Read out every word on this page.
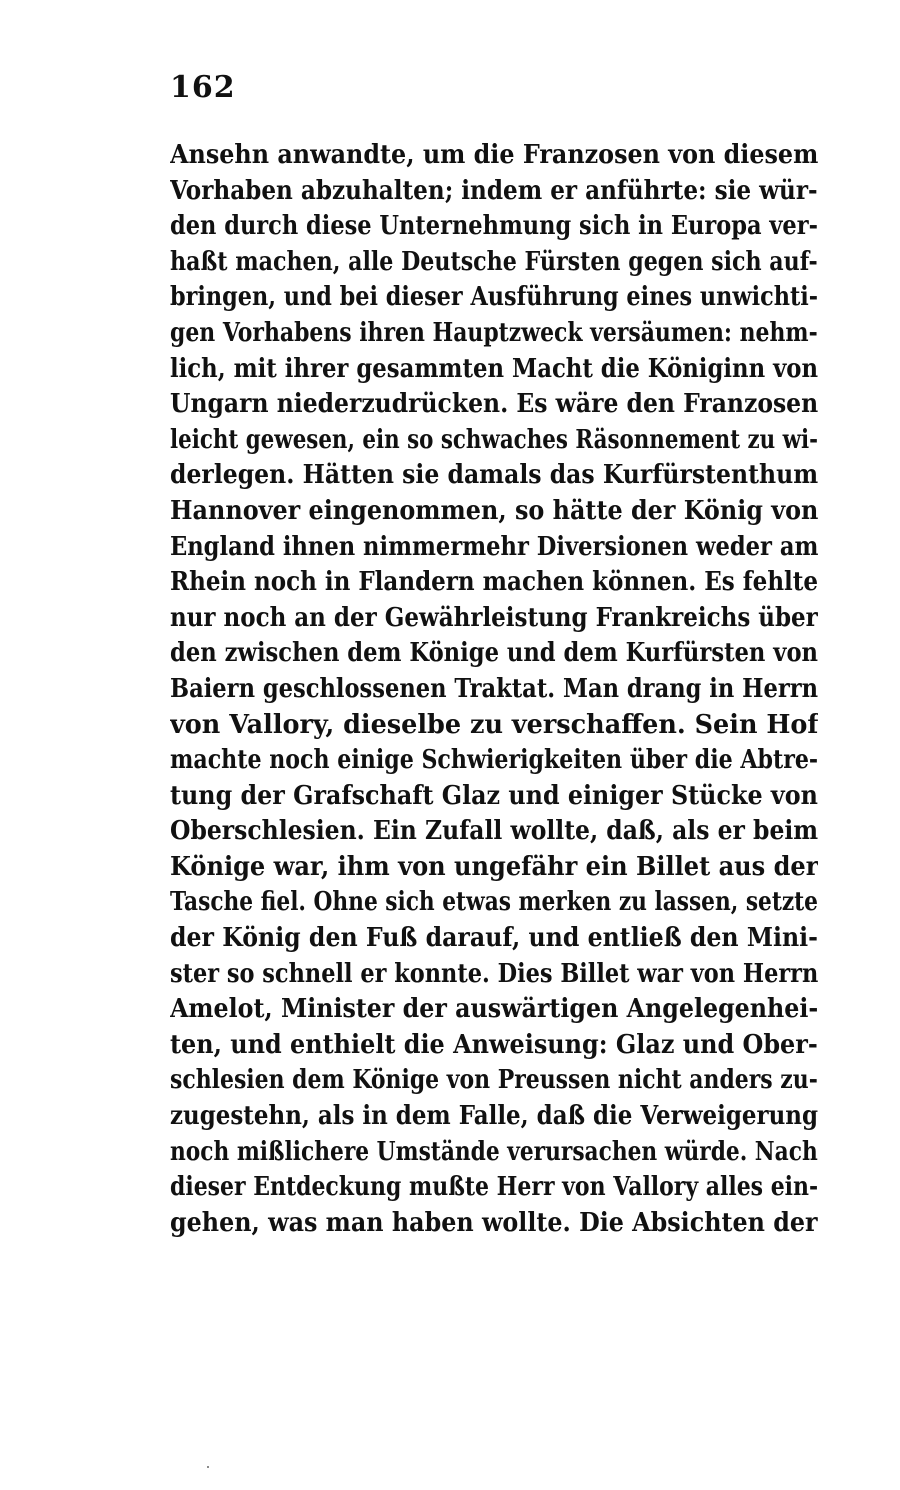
162
Ansehn anwandte, um die Franzosen von diesem
Vorhaben abzuhalten; indem er anführte: sie wür-
den durch diese Unternehmung sich in Europa ver-
haßt machen, alle Deutsche Fürsten gegen sich auf-
bringen, und bei dieser Ausführung eines unwichti-
gen Vorhabens ihren Hauptzweck versäumen: nehm-
lich, mit ihrer gesammten Macht die Königinn von
Ungarn niederzudrücken. Es wäre den Franzosen
leicht gewesen, ein so schwaches Räsonnement zu wi-
derlegen. Hätten sie damals das Kurfürstenthum
Hannover eingenommen, so hätte der König von
England ihnen nimmermehr Diversionen weder am
Rhein noch in Flandern machen können. Es fehlte
nur noch an der Gewährleistung Frankreichs über
den zwischen dem Könige und dem Kurfürsten von
Baiern geschlossenen Traktat. Man drang in Herrn
von Vallory, dieselbe zu verschaffen. Sein Hof
machte noch einige Schwierigkeiten über die Abtre-
tung der Grafschaft Glaz und einiger Stücke von
Oberschlesien. Ein Zufall wollte, daß, als er beim
Könige war, ihm von ungefähr ein Billet aus der
Tasche fiel. Ohne sich etwas merken zu lassen, setzte
der König den Fuß darauf, und entließ den Mini-
ster so schnell er konnte. Dies Billet war von Herrn
Amelot, Minister der auswärtigen Angelegenhei-
ten, und enthielt die Anweisung: Glaz und Ober-
schlesien dem Könige von Preussen nicht anders zu-
zugestehn, als in dem Falle, daß die Verweigerung
noch mißlichere Umstände verursachen würde. Nach
dieser Entdeckung mußte Herr von Vallory alles ein-
gehen, was man haben wollte. Die Absichten der
